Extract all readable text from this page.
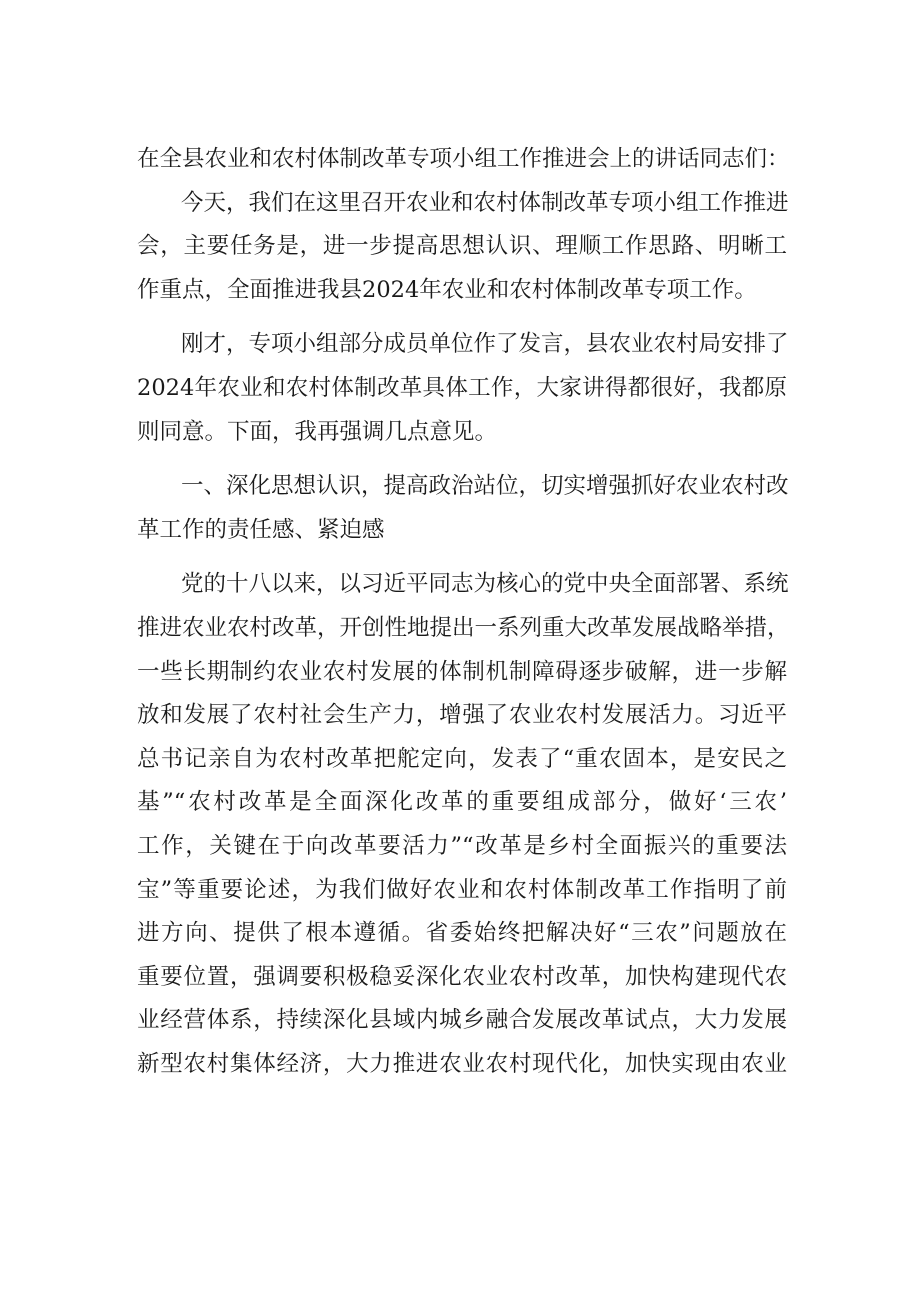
在全县农业和农村体制改革专项小组工作推进会上的讲话同志们：
今天，我们在这里召开农业和农村体制改革专项小组工作推进
会，主要任务是，进一步提高思想认识、理顺工作思路、明晰工
作重点，全面推进我县2024年农业和农村体制改革专项工作。
刚才，专项小组部分成员单位作了发言，县农业农村局安排了
2024年农业和农村体制改革具体工作，大家讲得都很好，我都原
则同意。下面，我再强调几点意见。
一、深化思想认识，提高政治站位，切实增强抓好农业农村改
革工作的责任感、紧迫感
党的十八以来，以习近平同志为核心的党中央全面部署、系统
推进农业农村改革，开创性地提出一系列重大改革发展战略举措，
一些长期制约农业农村发展的体制机制障碍逐步破解，进一步解
放和发展了农村社会生产力，增强了农业农村发展活力。习近平
总书记亲自为农村改革把舵定向，发表了“重农固本，是安民之
基”“农村改革是全面深化改革的重要组成部分，做好‘三农’
工作，关键在于向改革要活力”“改革是乡村全面振兴的重要法
宝”等重要论述，为我们做好农业和农村体制改革工作指明了前
进方向、提供了根本遵循。省委始终把解决好“三农”问题放在
重要位置，强调要积极稳妥深化农业农村改革，加快构建现代农
业经营体系，持续深化县域内城乡融合发展改革试点，大力发展
新型农村集体经济，大力推进农业农村现代化，加快实现由农业
